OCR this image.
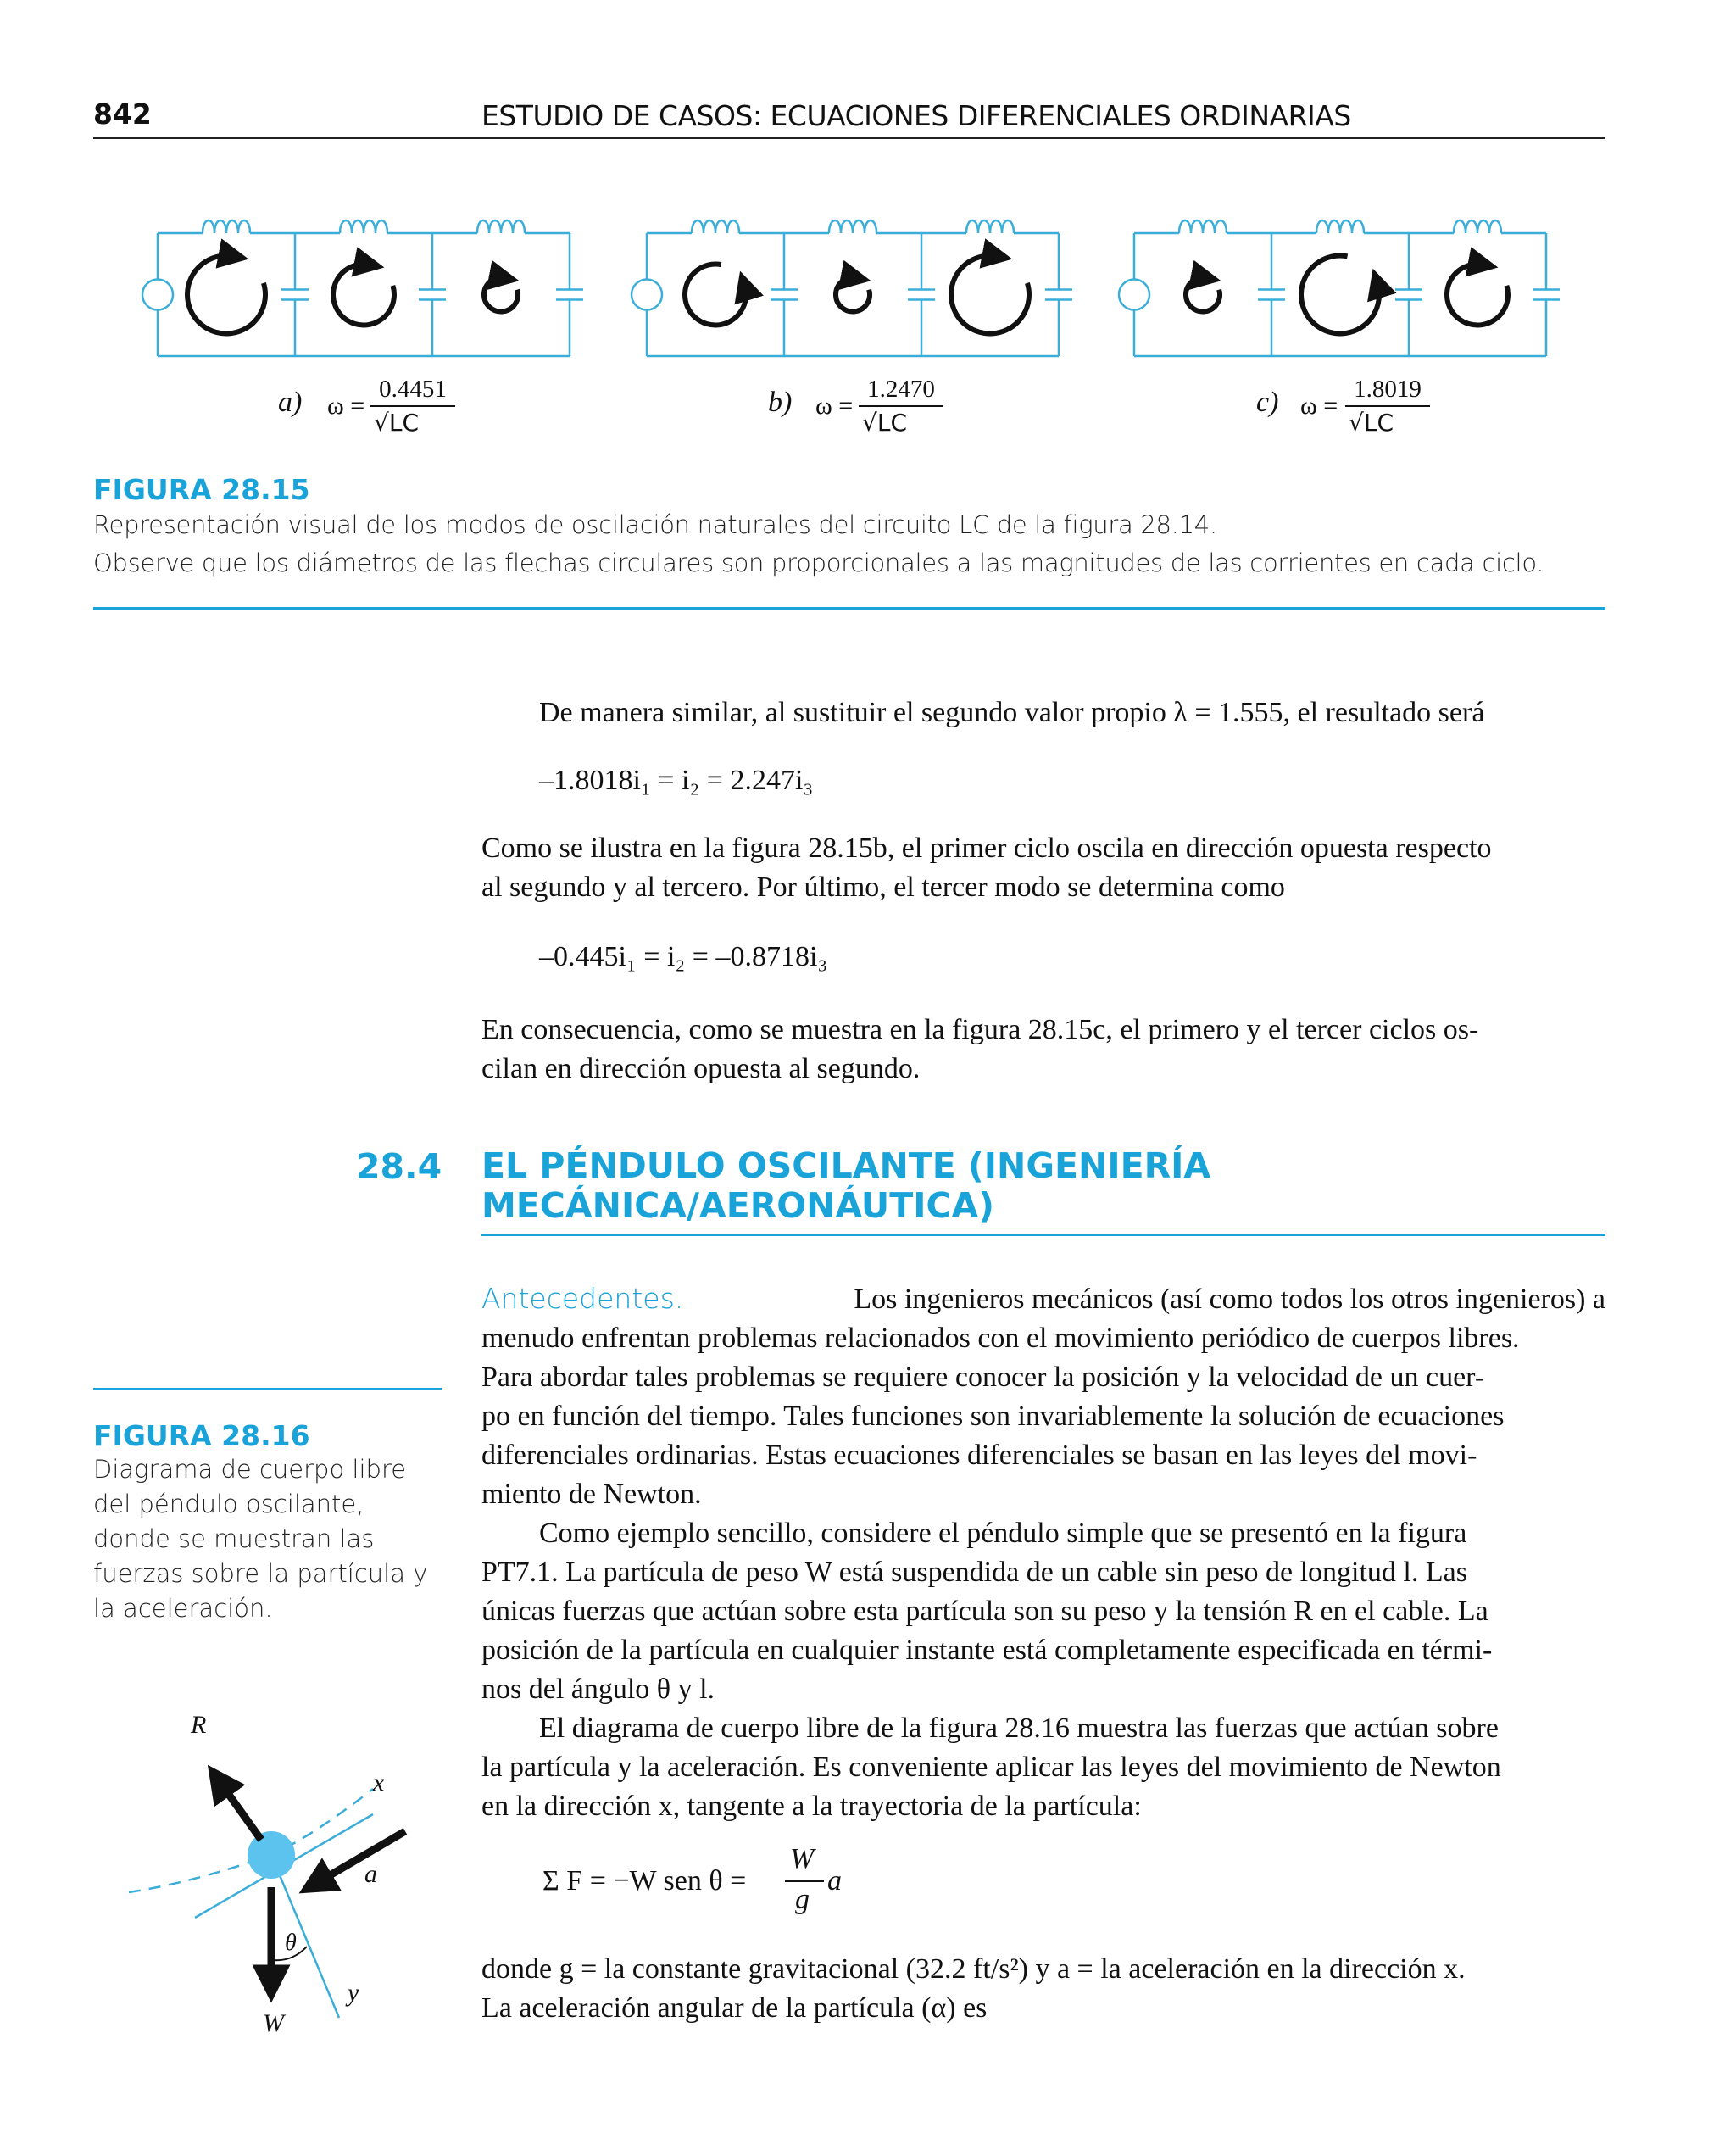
842	ESTUDIO DE CASOS: ECUACIONES DIFERENCIALES ORDINARIAS
a) ω =
0.4451
√LC
b) ω =
1.2470
√LC
c) ω =
1.8019
√LC
FIGURA 28.15
Representación visual de los modos de oscilación naturales del circuito LC de la figura 28.14.
Observe que los diámetros de las flechas circulares son proporcionales a las magnitudes de las corrientes en cada ciclo.
De manera similar, al sustituir el segundo valor propio λ = 1.555, el resultado será
–1.8018i₁ = i₂ = 2.247i₃
Como se ilustra en la figura 28.15b, el primer ciclo oscila en dirección opuesta respecto
al segundo y al tercero. Por último, el tercer modo se determina como
–0.445i₁ = i₂ = –0.8718i₃
En consecuencia, como se muestra en la figura 28.15c, el primero y el tercer ciclos os-
cilan en dirección opuesta al segundo.
28.4 EL PÉNDULO OSCILANTE (INGENIERÍA
MECÁNICA/AERONÁUTICA)
Antecedentes.	Los ingenieros mecánicos (así como todos los otros ingenieros) a
menudo enfrentan problemas relacionados con el movimiento periódico de cuerpos libres.
Para abordar tales problemas se requiere conocer la posición y la velocidad de un cuer-
po en función del tiempo. Tales funciones son invariablemente la solución de ecuaciones
diferenciales ordinarias. Estas ecuaciones diferenciales se basan en las leyes del movi-
miento de Newton.
Como ejemplo sencillo, considere el péndulo simple que se presentó en la figura
PT7.1. La partícula de peso W está suspendida de un cable sin peso de longitud l. Las
únicas fuerzas que actúan sobre esta partícula son su peso y la tensión R en el cable. La
posición de la partícula en cualquier instante está completamente especificada en térmi-
nos del ángulo θ y l.
El diagrama de cuerpo libre de la figura 28.16 muestra las fuerzas que actúan sobre
la partícula y la aceleración. Es conveniente aplicar las leyes del movimiento de Newton
en la dirección x, tangente a la trayectoria de la partícula:
Σ F = −W sen θ =
W
g
a
donde g = la constante gravitacional (32.2 ft/s²) y a = la aceleración en la dirección x.
La aceleración angular de la partícula (α) es
FIGURA 28.16
Diagrama de cuerpo libre
del péndulo oscilante,
donde se muestran las
fuerzas sobre la partícula y
la aceleración.
R
x
a
θ
y
W
